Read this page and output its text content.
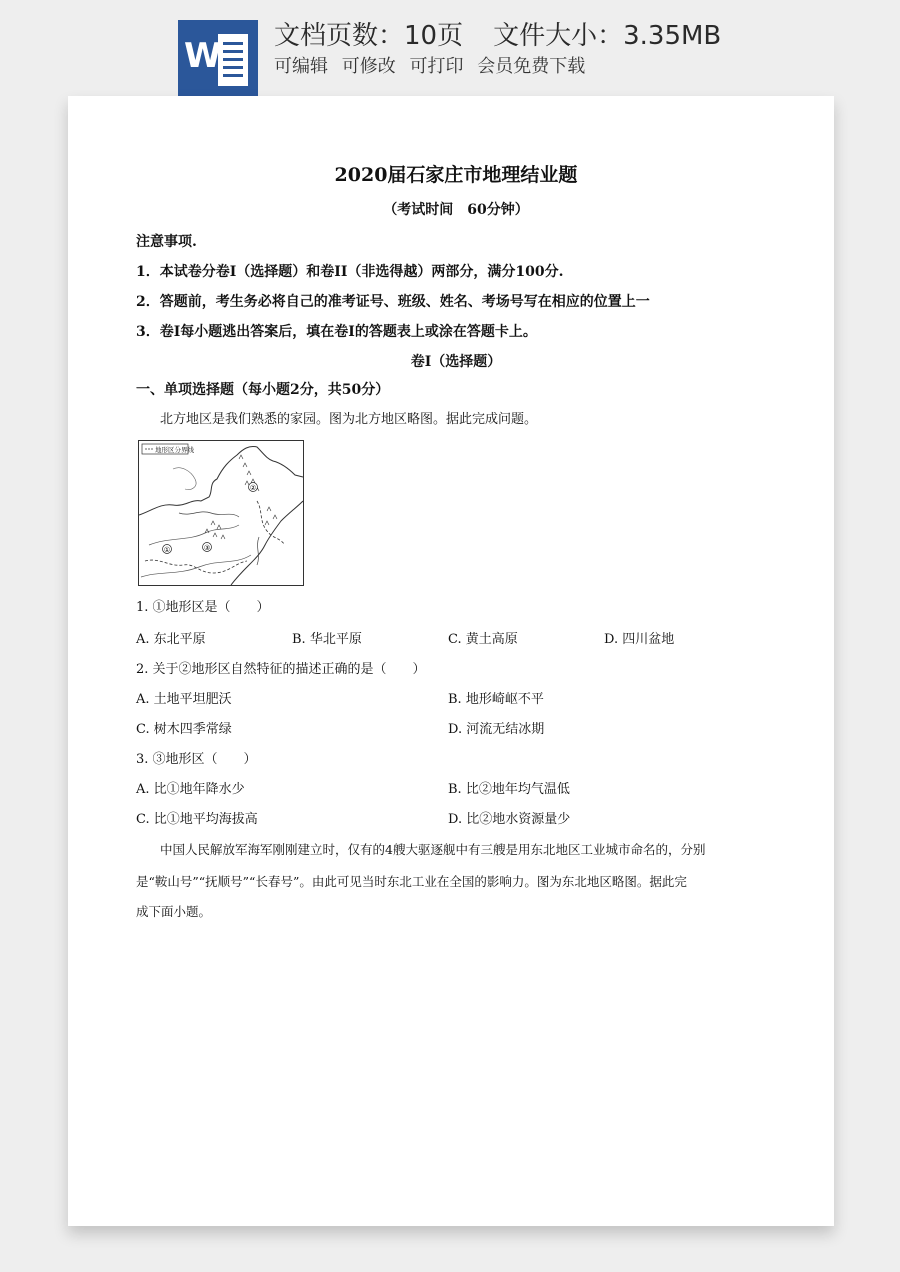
W 文档页数：10页 文件大小：3.35MB
可编辑 可修改 可打印 会员免费下载
2020届石家庄市地理结业题
（考试时间　60分钟）
注意事项.
1．本试卷分卷Ⅰ（选择题）和卷II（非选得越）两部分，满分100分.
2．答题前，考生务必将自己的准考证号、班级、姓名、考场号写在相应的位置上一
3．卷Ⅰ每小题逃出答案后，填在卷Ⅰ的答题表上或涂在答题卡上。
卷Ⅰ（选择题）
一、单项选择题（每小题2分，共50分）
北方地区是我们熟悉的家园。图为北方地区略图。据此完成问题。
地形区分界线
①
②
③
1. ①地形区是（　　）
A. 东北平原	B. 华北平原	C. 黄土高原	D. 四川盆地
2. 关于②地形区自然特征的描述正确的是（　　）
A. 土地平坦肥沃	B. 地形崎岖不平
C. 树木四季常绿	D. 河流无结冰期
3. ③地形区（　　）
A. 比①地年降水少	B. 比②地年均气温低
C. 比①地平均海拔高	D. 比②地水资源量少
中国人民解放军海军刚刚建立时，仅有的4艘大驱逐舰中有三艘是用东北地区工业城市命名的，分别
是“鞍山号”“抚顺号”“长春号”。由此可见当时东北工业在全国的影响力。图为东北地区略图。据此完
成下面小题。
